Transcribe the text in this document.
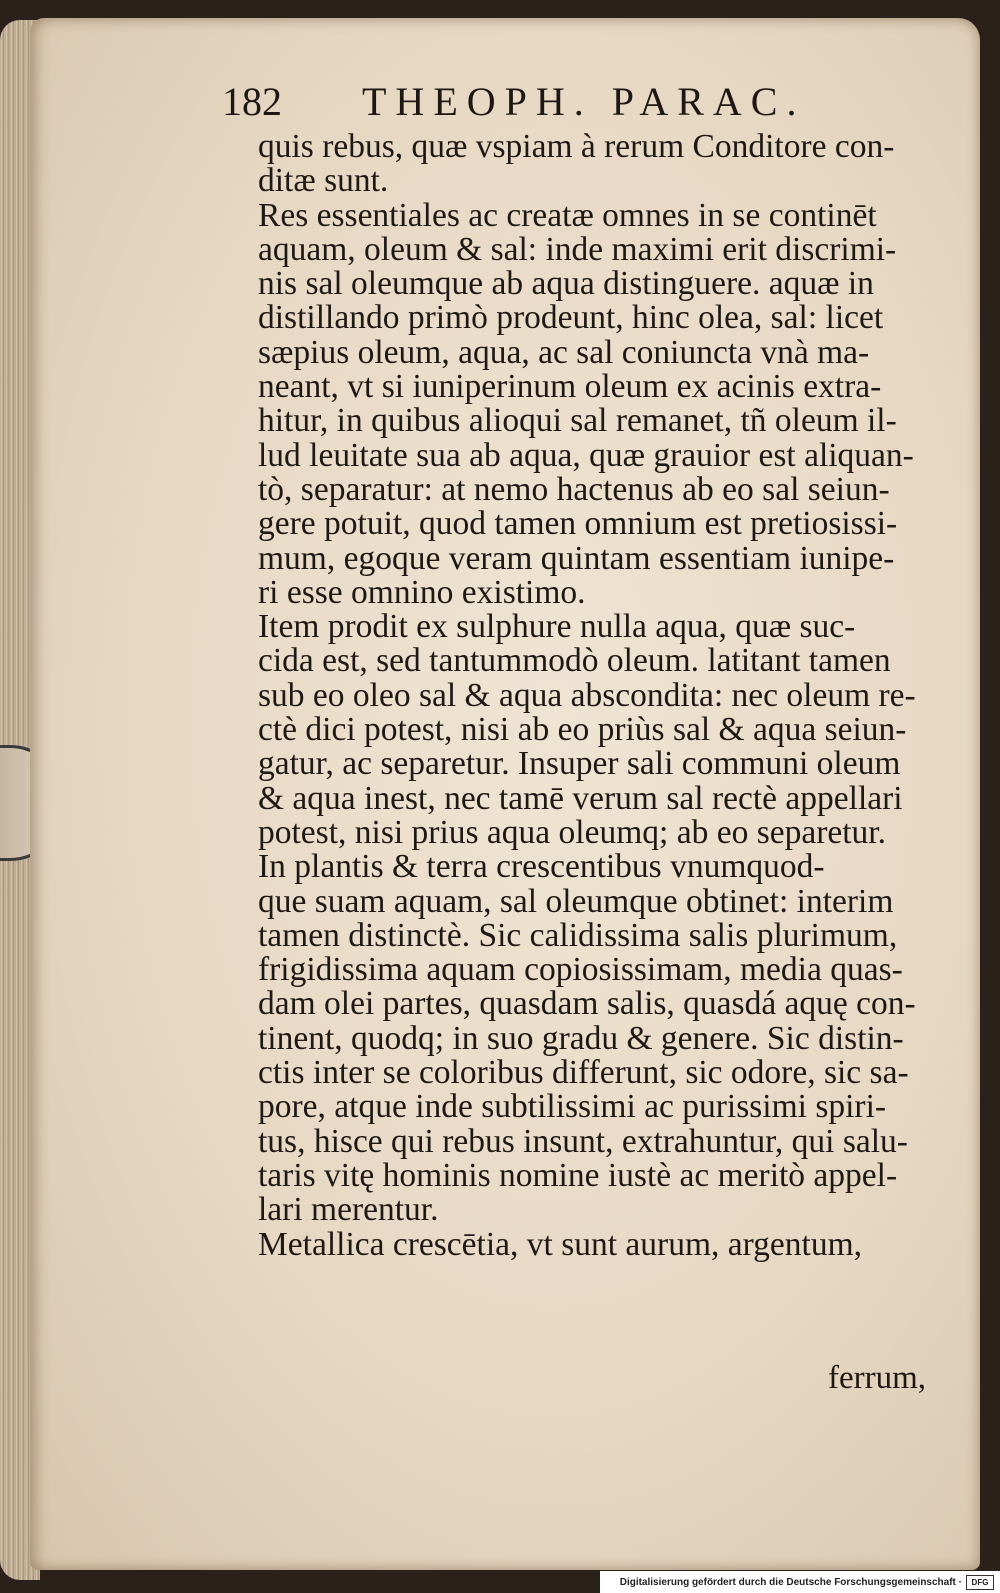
182 THEOPH. PARAC.
quis rebus, quæ vspiam à rerum Conditore con-
ditæ sunt.
Res essentiales ac creatæ omnes in se continēt
aquam, oleum & sal: inde maximi erit discrimi-
nis sal oleumque ab aqua distinguere. aquæ in
distillando primò prodeunt, hinc olea, sal: licet
sæpius oleum, aqua, ac sal coniuncta vnà ma-
neant, vt si iuniperinum oleum ex acinis extra-
hitur, in quibus alioqui sal remanet, tñ oleum il-
lud leuitate sua ab aqua, quæ grauior est aliquan-
tò, separatur: at nemo hactenus ab eo sal seiun-
gere potuit, quod tamen omnium est pretiosissi-
mum, egoque veram quintam essentiam iunipe-
ri esse omnino existimo.
Item prodit ex sulphure nulla aqua, quæ suc-
cida est, sed tantummodò oleum. latitant tamen
sub eo oleo sal & aqua abscondita: nec oleum re-
ctè dici potest, nisi ab eo priùs sal & aqua seiun-
gatur, ac separetur. Insuper sali communi oleum
& aqua inest, nec tamē verum sal rectè appellari
potest, nisi prius aqua oleumq; ab eo separetur.
In plantis & terra crescentibus vnumquod-
que suam aquam, sal oleumque obtinet: interim
tamen distinctè. Sic calidissima salis plurimum,
frigidissima aquam copiosissimam, media quas-
dam olei partes, quasdam salis, quasdá aquę con-
tinent, quodq; in suo gradu & genere. Sic distin-
ctis inter se coloribus differunt, sic odore, sic sa-
pore, atque inde subtilissimi ac purissimi spiri-
tus, hisce qui rebus insunt, extrahuntur, qui salu-
taris vitę hominis nomine iustè ac meritò appel-
lari merentur.
Metallica crescētia, vt sunt aurum, argentum,
ferrum,
Digitalisierung gefördert durch die Deutsche Forschungsgemeinschaft ·	DFG
